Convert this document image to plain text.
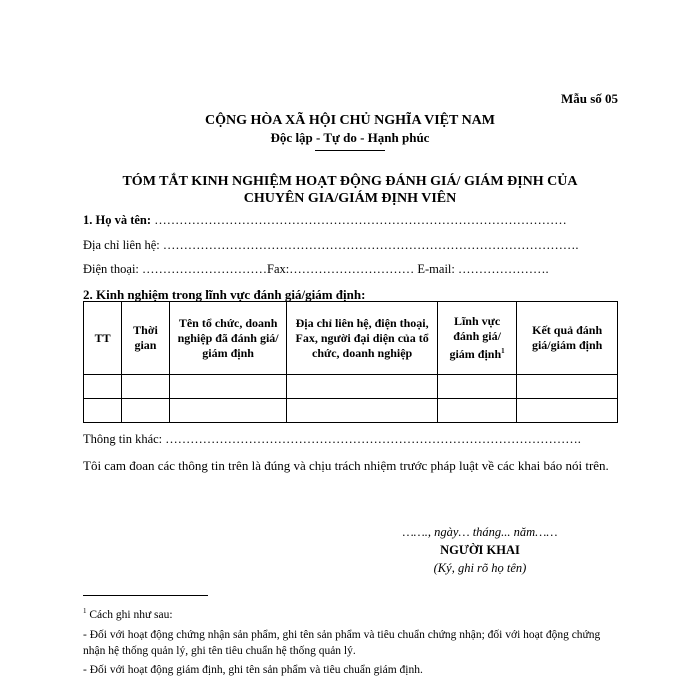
Mẫu số 05
CỘNG HÒA XÃ HỘI CHỦ NGHĨA VIỆT NAM
Độc lập - Tự do - Hạnh phúc
TÓM TẮT KINH NGHIỆM HOẠT ĐỘNG ĐÁNH GIÁ/ GIÁM ĐỊNH CỦA
CHUYÊN GIA/GIÁM ĐỊNH VIÊN
1. Họ và tên: ………………………………………………………………………………………
Địa chỉ liên hệ: ……………………………………………………………………………………….
Điện thoại: …………………………Fax:………………………… E-mail: ………………….
2. Kinh nghiệm trong lĩnh vực đánh giá/giám định:
TT	Thời gian	Tên tổ chức, doanh nghiệp đã đánh giá/ giám định	Địa chỉ liên hệ, điện thoại, Fax, người đại diện của tổ chức, doanh nghiệp	Lĩnh vực đánh giá/ giám định$^1$	Kết quả đánh giá/giám định

Thông tin khác: ……………………………………………………………………………………….
Tôi cam đoan các thông tin trên là đúng và chịu trách nhiệm trước pháp luật về các khai báo nói trên.
……., ngày… tháng... năm……
NGƯỜI KHAI
(Ký, ghi rõ họ tên)
$^1$ Cách ghi như sau:
- Đối với hoạt động chứng nhận sản phẩm, ghi tên sản phẩm và tiêu chuẩn chứng nhận; đối với hoạt động chứng nhận hệ thống quản lý, ghi tên tiêu chuẩn hệ thống quản lý.
- Đối với hoạt động giám định, ghi tên sản phẩm và tiêu chuẩn giám định.
